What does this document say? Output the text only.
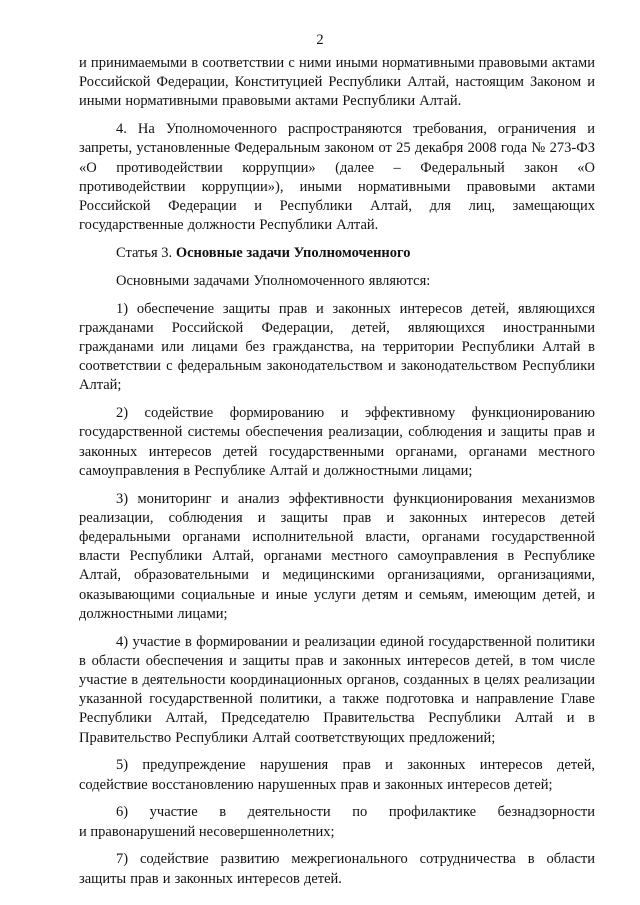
2

и принимаемыми в соответствии с ними иными нормативными правовыми актами Российской Федерации, Конституцией Республики Алтай, настоящим Законом и иными нормативными правовыми актами Республики Алтай.

4. На Уполномоченного распространяются требования, ограничения и запреты, установленные Федеральным законом от 25 декабря 2008 года № 273-ФЗ «О противодействии коррупции» (далее – Федеральный закон «О противодействии коррупции»), иными нормативными правовыми актами Российской Федерации и Республики Алтай, для лиц, замещающих государственные должности Республики Алтай.

Статья 3. Основные задачи Уполномоченного

Основными задачами Уполномоченного являются:

1) обеспечение защиты прав и законных интересов детей, являющихся гражданами Российской Федерации, детей, являющихся иностранными гражданами или лицами без гражданства, на территории Республики Алтай в соответствии с федеральным законодательством и законодательством Республики Алтай;

2) содействие формированию и эффективному функционированию государственной системы обеспечения реализации, соблюдения и защиты прав и законных интересов детей государственными органами, органами местного самоуправления в Республике Алтай и должностными лицами;

3) мониторинг и анализ эффективности функционирования механизмов реализации, соблюдения и защиты прав и законных интересов детей федеральными органами исполнительной власти, органами государственной власти Республики Алтай, органами местного самоуправления в Республике Алтай, образовательными и медицинскими организациями, организациями, оказывающими социальные и иные услуги детям и семьям, имеющим детей, и должностными лицами;

4) участие в формировании и реализации единой государственной политики в области обеспечения и защиты прав и законных интересов детей, в том числе участие в деятельности координационных органов, созданных в целях реализации указанной государственной политики, а также подготовка и направление Главе Республики Алтай, Председателю Правительства Республики Алтай и в Правительство Республики Алтай соответствующих предложений;

5) предупреждение нарушения прав и законных интересов детей, содействие восстановлению нарушенных прав и законных интересов детей;

6) участие в деятельности по профилактике безнадзорности
и правонарушений несовершеннолетних;

7) содействие развитию межрегионального сотрудничества в области защиты прав и законных интересов детей.
